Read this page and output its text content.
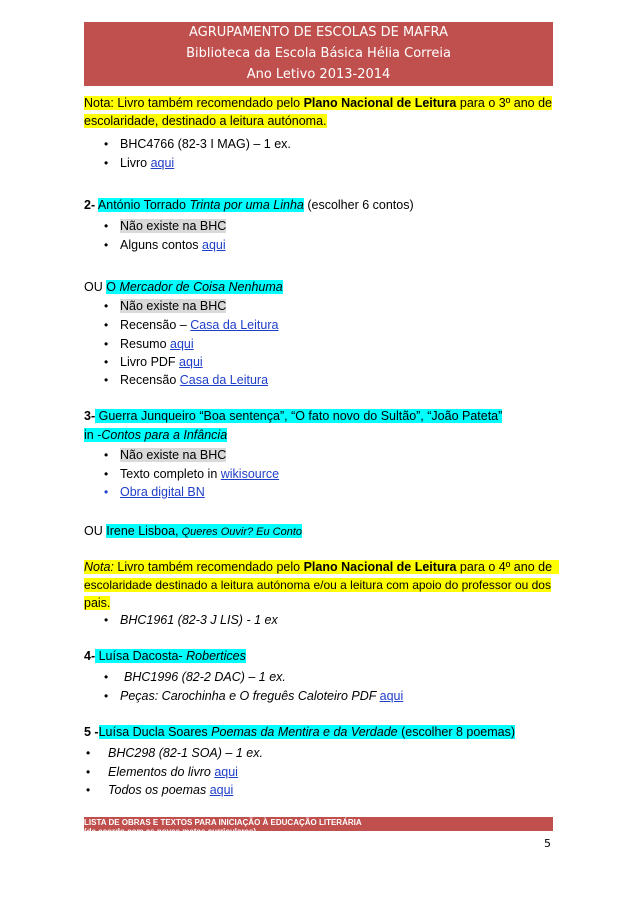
AGRUPAMENTO DE ESCOLAS DE MAFRA
Biblioteca da Escola Básica Hélia Correia
Ano Letivo 2013-2014
Nota: Livro também recomendado pelo Plano Nacional de Leitura para o 3º ano de
escolaridade, destinado a leitura autónoma.
• BHC4766 (82-3 I MAG) – 1 ex.
• Livro aqui
2- António Torrado Trinta por uma Linha (escolher 6 contos)
• Não existe na BHC
• Alguns contos aqui
OU O Mercador de Coisa Nenhuma
• Não existe na BHC
• Recensão – Casa da Leitura
• Resumo aqui
• Livro PDF aqui
• Recensão Casa da Leitura
3- Guerra Junqueiro “Boa sentença”, “O fato novo do Sultão”, “João Pateta”
in -Contos para a Infância
• Não existe na BHC
• Texto completo in wikisource
• Obra digital BN
OU Irene Lisboa, Queres Ouvir? Eu Conto
Nota: Livro também recomendado pelo Plano Nacional de Leitura para o 4º ano de
escolaridade destinado a leitura autónoma e/ou a leitura com apoio do professor ou dos
pais.
• BHC1961 (82-3 J LIS) - 1 ex
4- Luísa Dacosta- Robertices
• BHC1996 (82-2 DAC) – 1 ex.
• Peças: Carochinha e O freguês Caloteiro PDF aqui
5 -Luísa Ducla Soares Poemas da Mentira e da Verdade (escolher 8 poemas)
• BHC298 (82-1 SOA) – 1 ex.
• Elementos do livro aqui
• Todos os poemas aqui
LISTA DE OBRAS E TEXTOS PARA INICIAÇÃO À EDUCAÇÃO LITERÁRIA
(de acordo com as novas metas curriculares)
5
